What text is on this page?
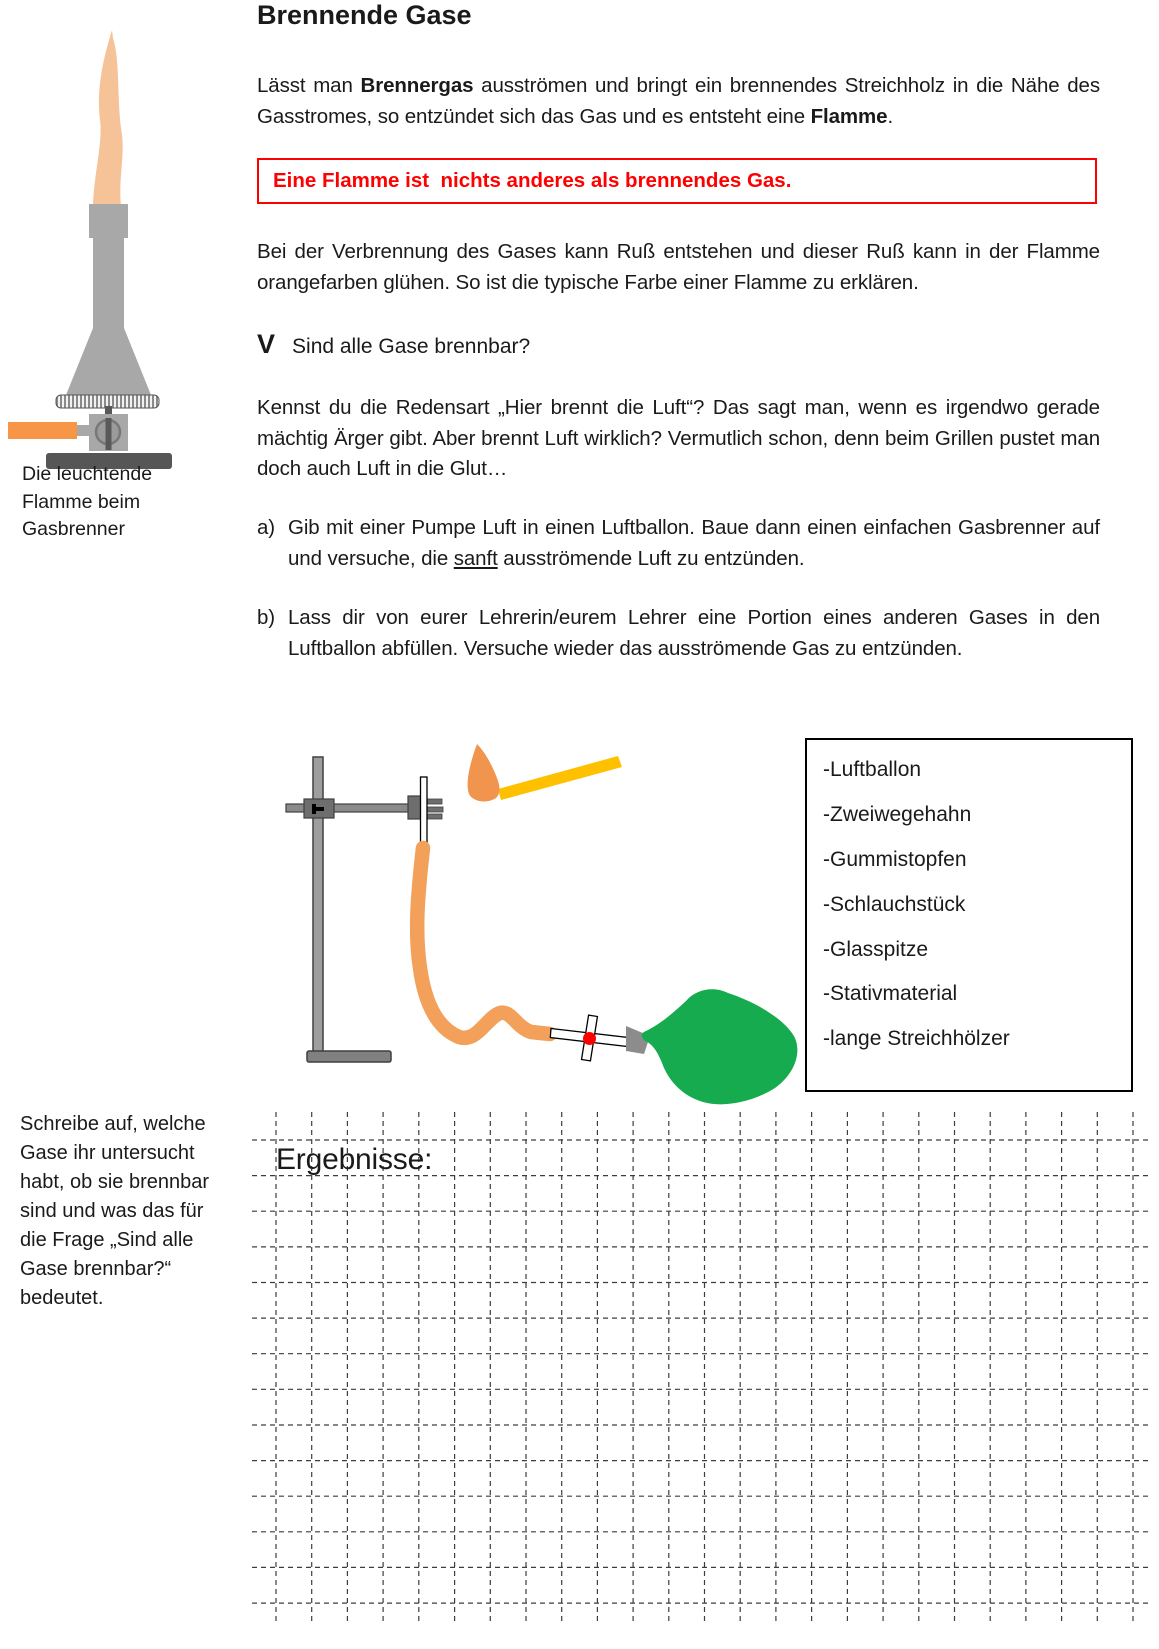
Die leuchtende
Flamme beim
Gasbrenner
Brennende Gase

Lässt man Brennergas ausströmen und bringt ein brennendes Streichholz in die Nähe des Gasstromes, so entzündet sich das Gas und es entsteht eine Flamme.

Eine Flamme ist  nichts anderes als brennendes Gas.

Bei der Verbrennung des Gases kann Ruß entstehen und dieser Ruß kann in der Flamme orangefarben glühen. So ist die typische Farbe einer Flamme zu erklären.

V Sind alle Gase brennbar?

Kennst du die Redensart „Hier brennt die Luft“? Das sagt man, wenn es irgendwo gerade mächtig Ärger gibt. Aber brennt Luft wirklich? Vermutlich schon, denn beim Grillen pustet man doch auch Luft in die Glut…

a) Gib mit einer Pumpe Luft in einen Luftballon. Baue dann einen einfachen Gasbrenner auf und versuche, die sanft ausströmende Luft zu entzünden.
b) Lass dir von eurer Lehrerin/eurem Lehrer eine Portion eines anderen Gases in den Luftballon abfüllen. Versuche wieder das ausströmende Gas zu entzünden.
-Luftballon
-Zweiwegehahn
-Gummistopfen
-Schlauchstück
-Glasspitze
-Stativmaterial
-lange Streichhölzer
Schreibe auf, welche Gase ihr untersucht habt, ob sie brennbar sind und was das für die Frage „Sind alle Gase brennbar?“ bedeutet.
Ergebnisse:
